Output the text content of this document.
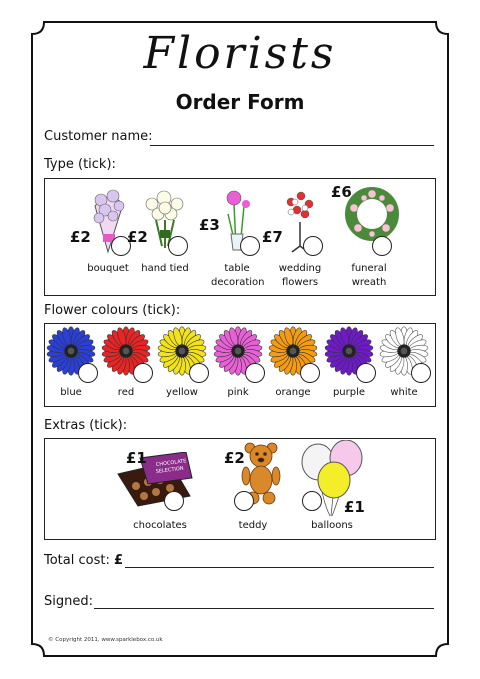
Florists
Order Form
Customer name:
Type (tick):
£2
bouquet
£2
hand tied
£3
table decoration
£7
wedding flowers
£6
funeral wreath
Flower colours (tick):
blue	red	yellow	pink	orange	purple	white
Extras (tick):
CHOCOLATE
SELECTION
£1
chocolates
£2
teddy
£1
balloons
Total cost: £
Signed:
© Copyright 2011, www.sparklebox.co.uk
